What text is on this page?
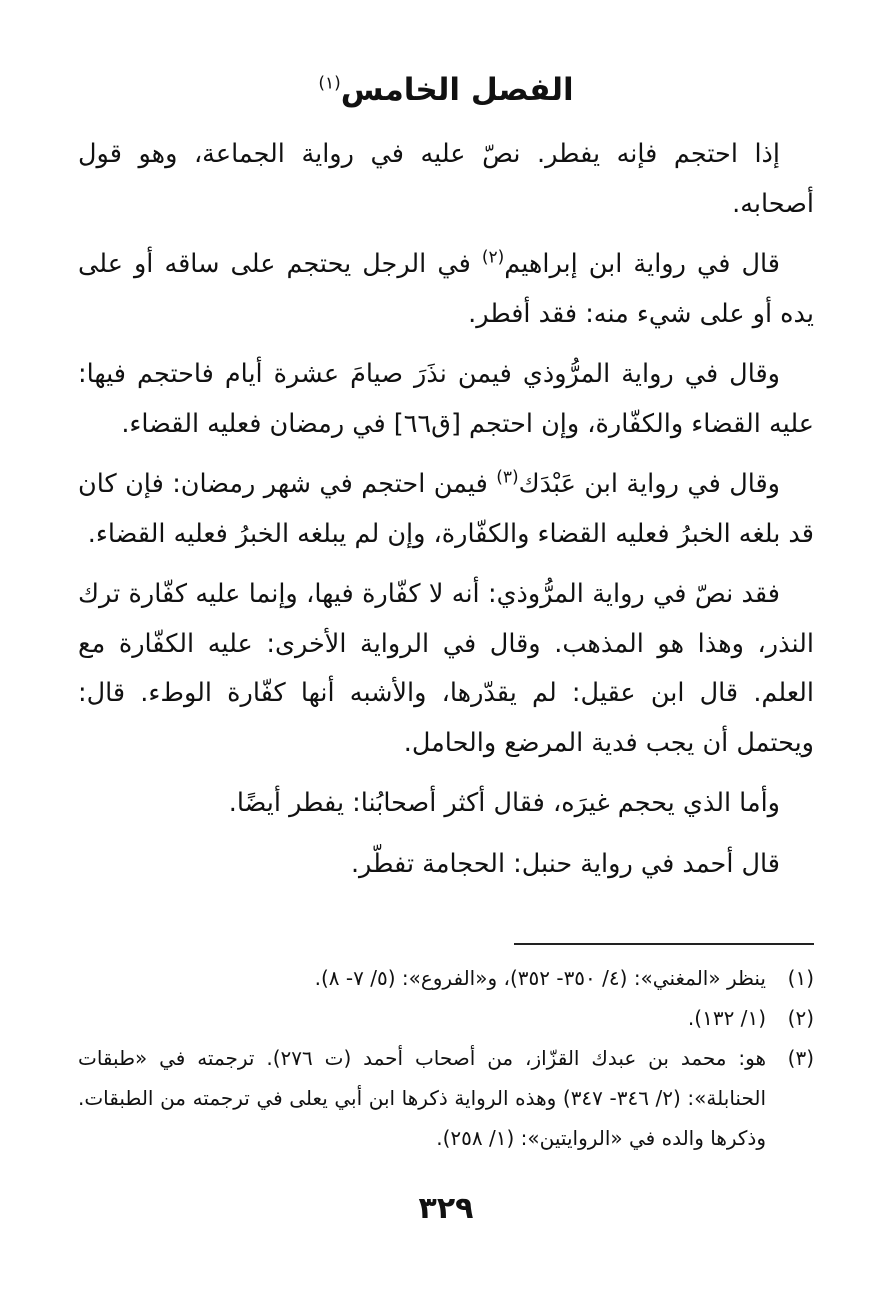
الفصل الخامس$^{(١)}$

إذا احتجم فإنه يفطر. نصّ عليه في رواية الجماعة، وهو قول أصحابه.

قال في رواية ابن إبراهيم$^{(٢)}$ في الرجل يحتجم على ساقه أو على يده أو على شيء منه: فقد أفطر.

وقال في رواية المرُّوذي فيمن نذَرَ صيامَ عشرة أيام فاحتجم فيها: عليه القضاء والكفّارة، وإن احتجم [ق٦٦] في رمضان فعليه القضاء.

وقال في رواية ابن عَبْدَك$^{(٣)}$ فيمن احتجم في شهر رمضان: فإن كان قد بلغه الخبرُ فعليه القضاء والكفّارة، وإن لم يبلغه الخبرُ فعليه القضاء.

فقد نصّ في رواية المرُّوذي: أنه لا كفّارة فيها، وإنما عليه كفّارة ترك النذر، وهذا هو المذهب. وقال في الرواية الأخرى: عليه الكفّارة مع العلم. قال ابن عقيل: لم يقدّرها، والأشبه أنها كفّارة الوطء. قال: ويحتمل أن يجب فدية المرضع والحامل.

وأما الذي يحجم غيرَه، فقال أكثر أصحابُنا: يفطر أيضًا.

قال أحمد في رواية حنبل: الحجامة تفطّر.

(١)
ينظر «المغني»: (٤/ ٣٥٠- ٣٥٢)، و«الفروع»: (٥/ ٧- ٨).
(٢)
(١/ ١٣٢).
(٣)
هو: محمد بن عبدك القزّاز، من أصحاب أحمد (ت ٢٧٦). ترجمته في «طبقات الحنابلة»: (٢/ ٣٤٦- ٣٤٧) وهذه الرواية ذكرها ابن أبي يعلى في ترجمته من الطبقات. وذكرها والده في «الروايتين»: (١/ ٢٥٨).
٣٢٩
